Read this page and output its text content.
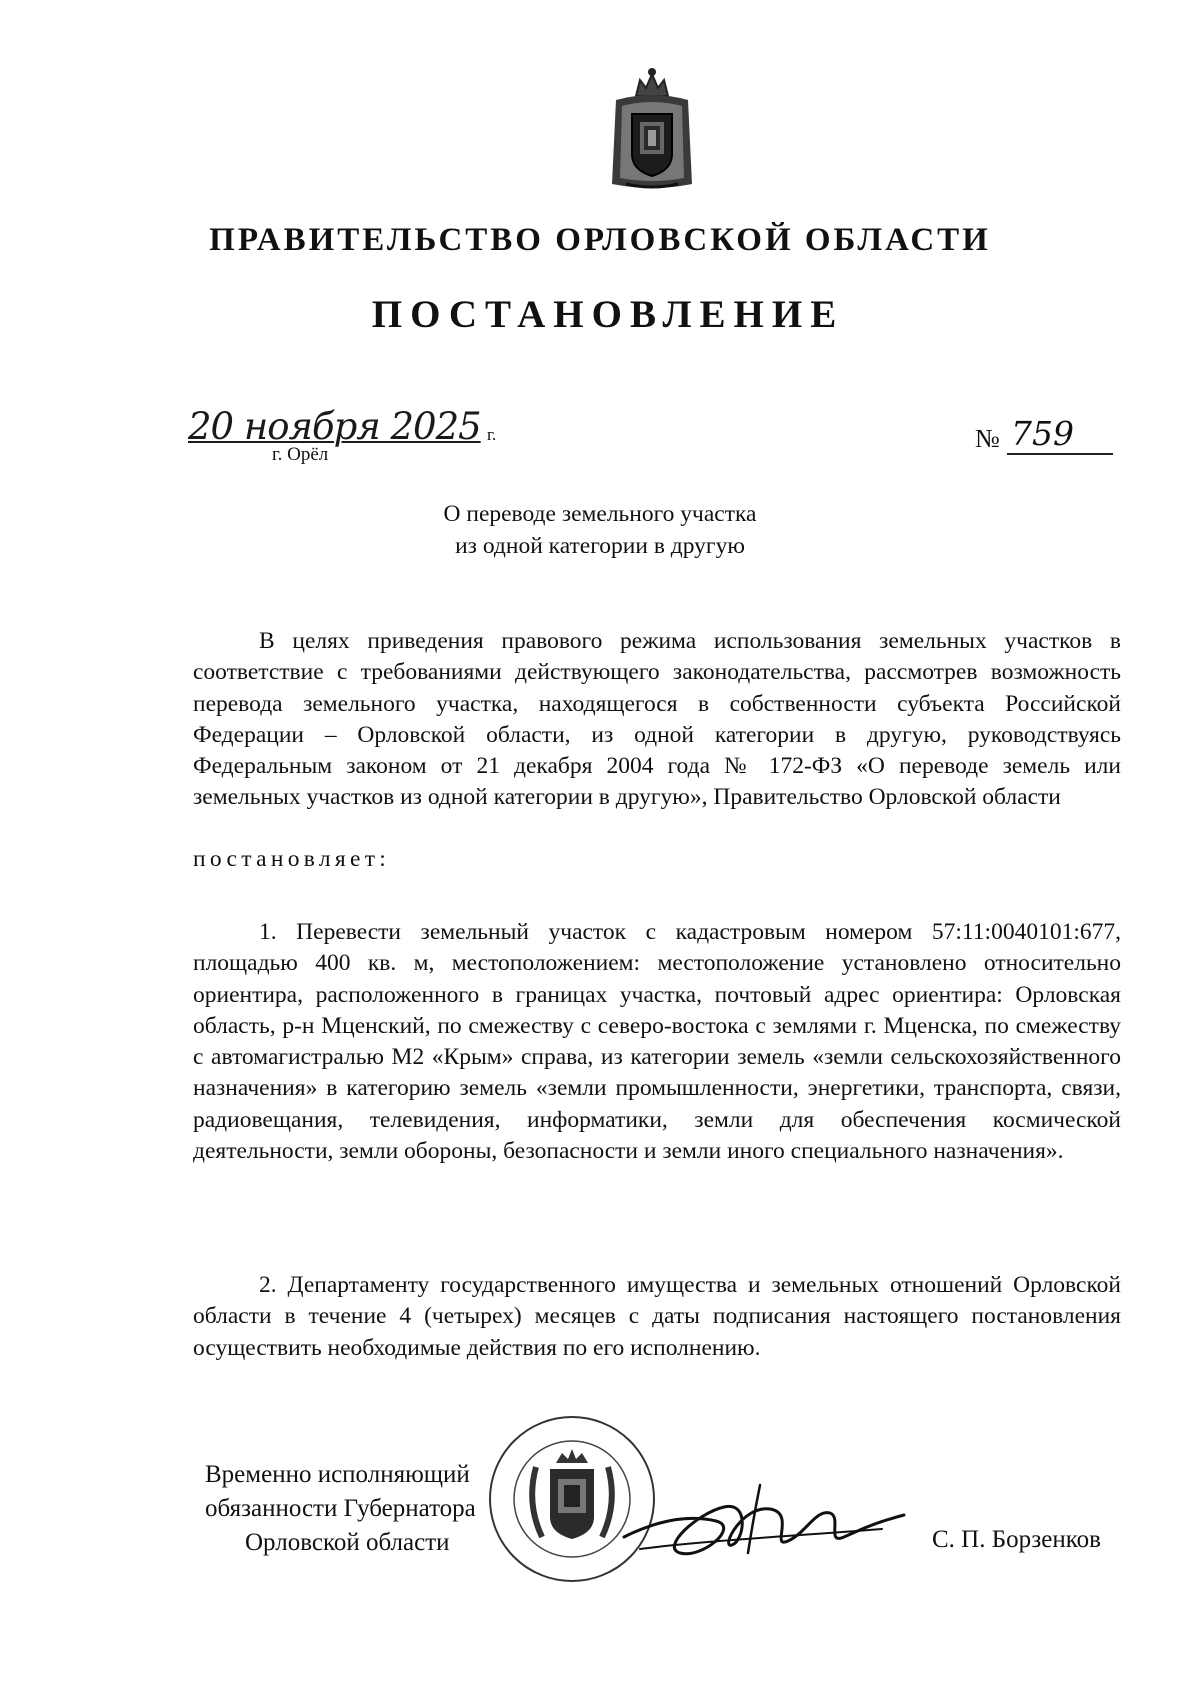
ПРАВИТЕЛЬСТВО ОРЛОВСКОЙ ОБЛАСТИ
ПОСТАНОВЛЕНИЕ
20 ноября 2025 г.
г. Орёл
№ 759
О переводе земельного участка
из одной категории в другую

В целях приведения правового режима использования земельных участков в соответствие с требованиями действующего законодательства, рассмотрев возможность перевода земельного участка, находящегося в собственности субъекта Российской Федерации – Орловской области, из одной категории в другую, руководствуясь Федеральным законом от 21 декабря 2004 года № 172-ФЗ «О переводе земель или земельных участков из одной категории в другую», Правительство Орловской области

постановляет:

1. Перевести земельный участок с кадастровым номером 57:11:0040101:677, площадью 400 кв. м, местоположением: местоположение установлено относительно ориентира, расположенного в границах участка, почтовый адрес ориентира: Орловская область, р-н Мценский, по смежеству с северо-востока с землями г. Мценска, по смежеству с автомагистралью М2 «Крым» справа, из категории земель «земли сельскохозяйственного назначения» в категорию земель «земли промышленности, энергетики, транспорта, связи, радиовещания, телевидения, информатики, земли для обеспечения космической деятельности, земли обороны, безопасности и земли иного специального назначения».

2. Департаменту государственного имущества и земельных отношений Орловской области в течение 4 (четырех) месяцев с даты подписания настоящего постановления осуществить необходимые действия по его исполнению.

Временно исполняющий
обязанности Губернатора
Орловской области	С. П. Борзенков
